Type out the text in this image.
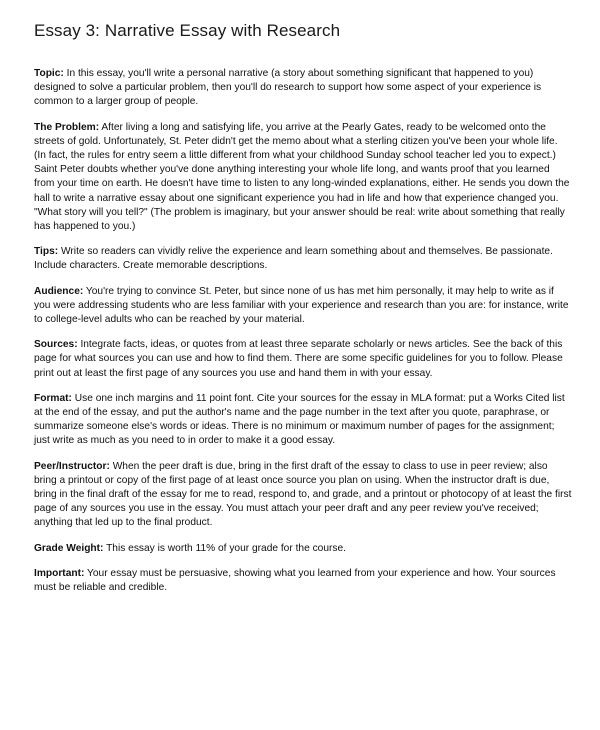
Essay 3: Narrative Essay with Research

Topic: In this essay, you'll write a personal narrative (a story about something significant that happened to you) designed to solve a particular problem, then you'll do research to support how some aspect of your experience is common to a larger group of people.

The Problem: After living a long and satisfying life, you arrive at the Pearly Gates, ready to be welcomed onto the streets of gold. Unfortunately, St. Peter didn't get the memo about what a sterling citizen you've been your whole life. (In fact, the rules for entry seem a little different from what your childhood Sunday school teacher led you to expect.) Saint Peter doubts whether you've done anything interesting your whole life long, and wants proof that you learned from your time on earth. He doesn't have time to listen to any long-winded explanations, either. He sends you down the hall to write a narrative essay about one significant experience you had in life and how that experience changed you. "What story will you tell?" (The problem is imaginary, but your answer should be real: write about something that really has happened to you.)

Tips: Write so readers can vividly relive the experience and learn something about and themselves. Be passionate. Include characters. Create memorable descriptions.

Audience: You're trying to convince St. Peter, but since none of us has met him personally, it may help to write as if you were addressing students who are less familiar with your experience and research than you are: for instance, write to college-level adults who can be reached by your material.

Sources: Integrate facts, ideas, or quotes from at least three separate scholarly or news articles. See the back of this page for what sources you can use and how to find them. There are some specific guidelines for you to follow. Please print out at least the first page of any sources you use and hand them in with your essay.

Format: Use one inch margins and 11 point font. Cite your sources for the essay in MLA format: put a Works Cited list at the end of the essay, and put the author's name and the page number in the text after you quote, paraphrase, or summarize someone else's words or ideas. There is no minimum or maximum number of pages for the assignment; just write as much as you need to in order to make it a good essay.

Peer/Instructor: When the peer draft is due, bring in the first draft of the essay to class to use in peer review; also bring a printout or copy of the first page of at least once source you plan on using. When the instructor draft is due, bring in the final draft of the essay for me to read, respond to, and grade, and a printout or photocopy of at least the first page of any sources you use in the essay. You must attach your peer draft and any peer review you've received; anything that led up to the final product.

Grade Weight: This essay is worth 11% of your grade for the course.

Important: Your essay must be persuasive, showing what you learned from your experience and how. Your sources must be reliable and credible.
